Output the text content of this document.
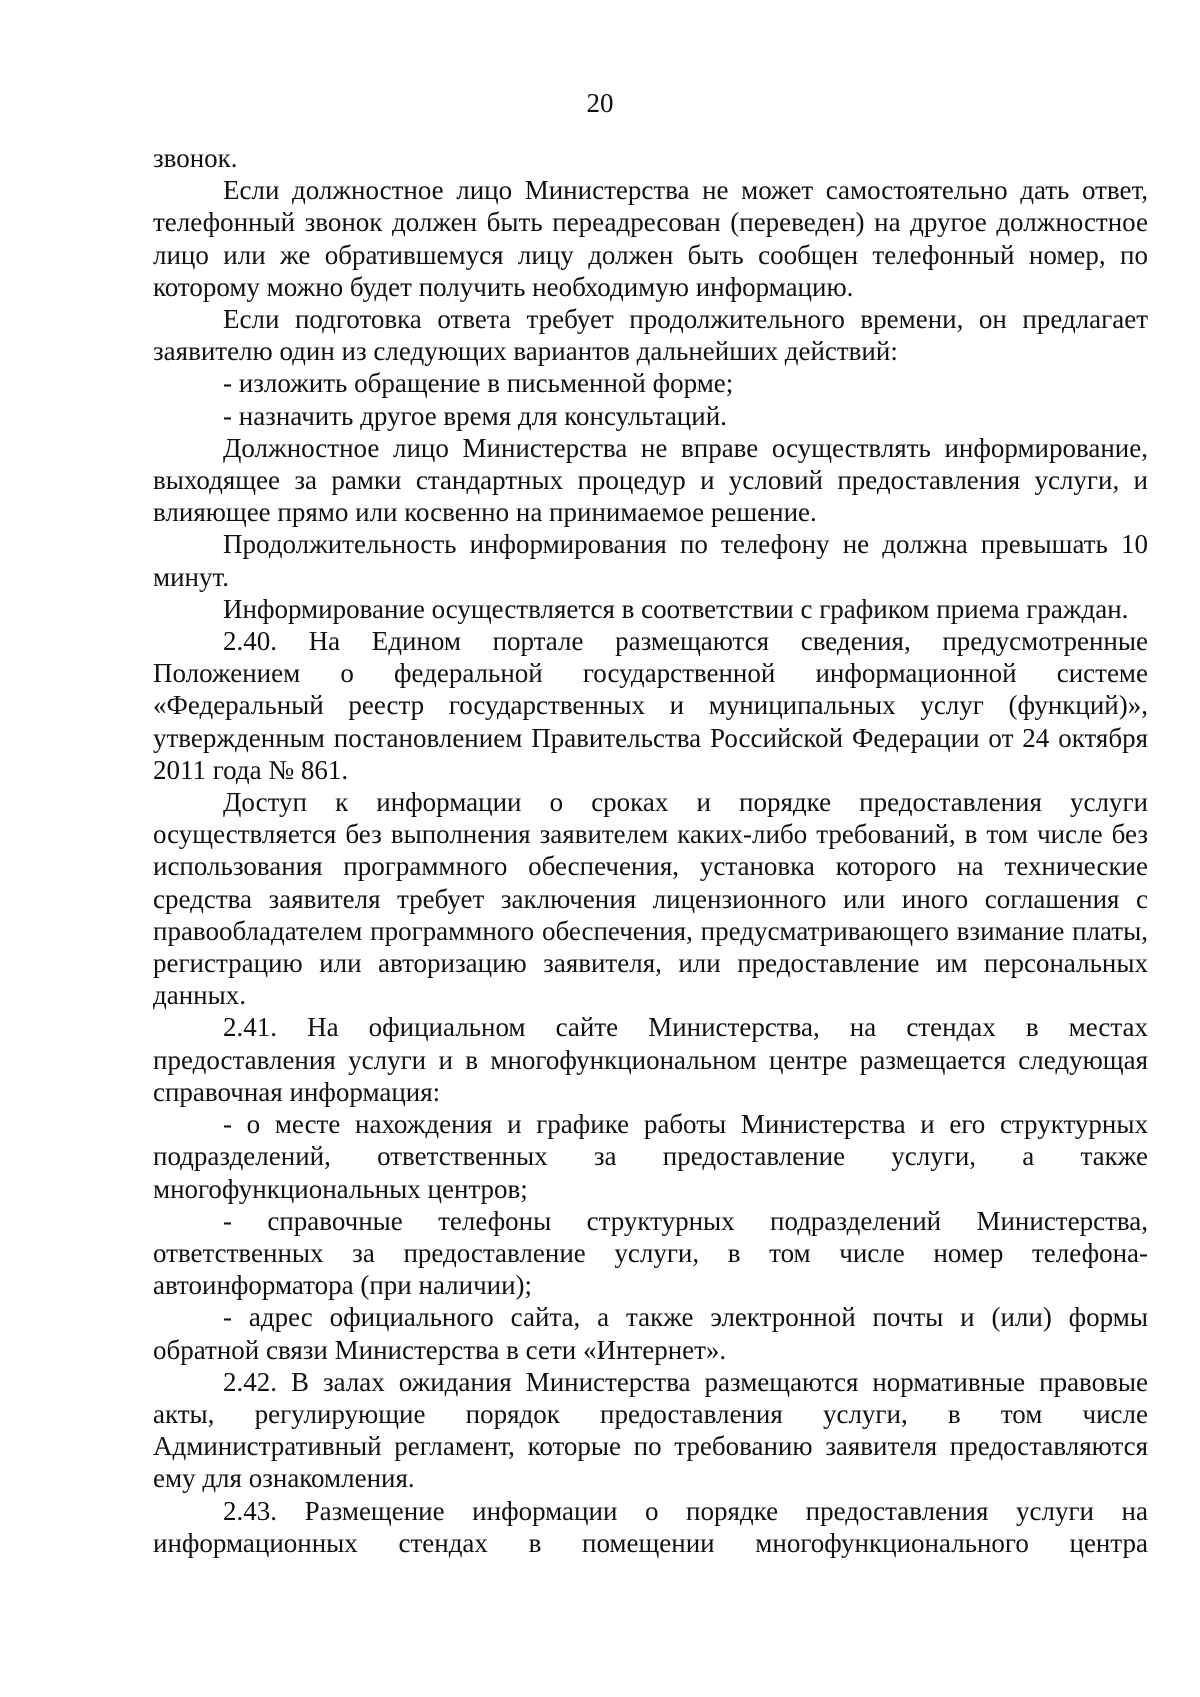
20

звонок.

Если должностное лицо Министерства не может самостоятельно дать ответ, телефонный звонок должен быть переадресован (переведен) на другое должностное лицо или же обратившемуся лицу должен быть сообщен телефонный номер, по которому можно будет получить необходимую информацию.

Если подготовка ответа требует продолжительного времени, он предлагает заявителю один из следующих вариантов дальнейших действий:

- изложить обращение в письменной форме;

- назначить другое время для консультаций.

Должностное лицо Министерства не вправе осуществлять информирование, выходящее за рамки стандартных процедур и условий предоставления услуги, и влияющее прямо или косвенно на принимаемое решение.

Продолжительность информирования по телефону не должна превышать 10 минут.

Информирование осуществляется в соответствии с графиком приема граждан.

2.40. На Едином портале размещаются сведения, предусмотренные Положением о федеральной государственной информационной системе «Федеральный реестр государственных и муниципальных услуг (функций)», утвержденным постановлением Правительства Российской Федерации от 24 октября 2011 года № 861.

Доступ к информации о сроках и порядке предоставления услуги осуществляется без выполнения заявителем каких-либо требований, в том числе без использования программного обеспечения, установка которого на технические средства заявителя требует заключения лицензионного или иного соглашения с правообладателем программного обеспечения, предусматривающего взимание платы, регистрацию или авторизацию заявителя, или предоставление им персональных данных.

2.41. На официальном сайте Министерства, на стендах в местах предоставления услуги и в многофункциональном центре размещается следующая справочная информация:

- о месте нахождения и графике работы Министерства и его структурных подразделений, ответственных за предоставление услуги, а также многофункциональных центров;

- справочные телефоны структурных подразделений Министерства, ответственных за предоставление услуги, в том числе номер телефона-автоинформатора (при наличии);

- адрес официального сайта, а также электронной почты и (или) формы обратной связи Министерства в сети «Интернет».

2.42. В залах ожидания Министерства размещаются нормативные правовые акты, регулирующие порядок предоставления услуги, в том числе Административный регламент, которые по требованию заявителя предоставляются ему для ознакомления.

2.43. Размещение информации о порядке предоставления услуги на информационных стендах в помещении многофункционального центра
